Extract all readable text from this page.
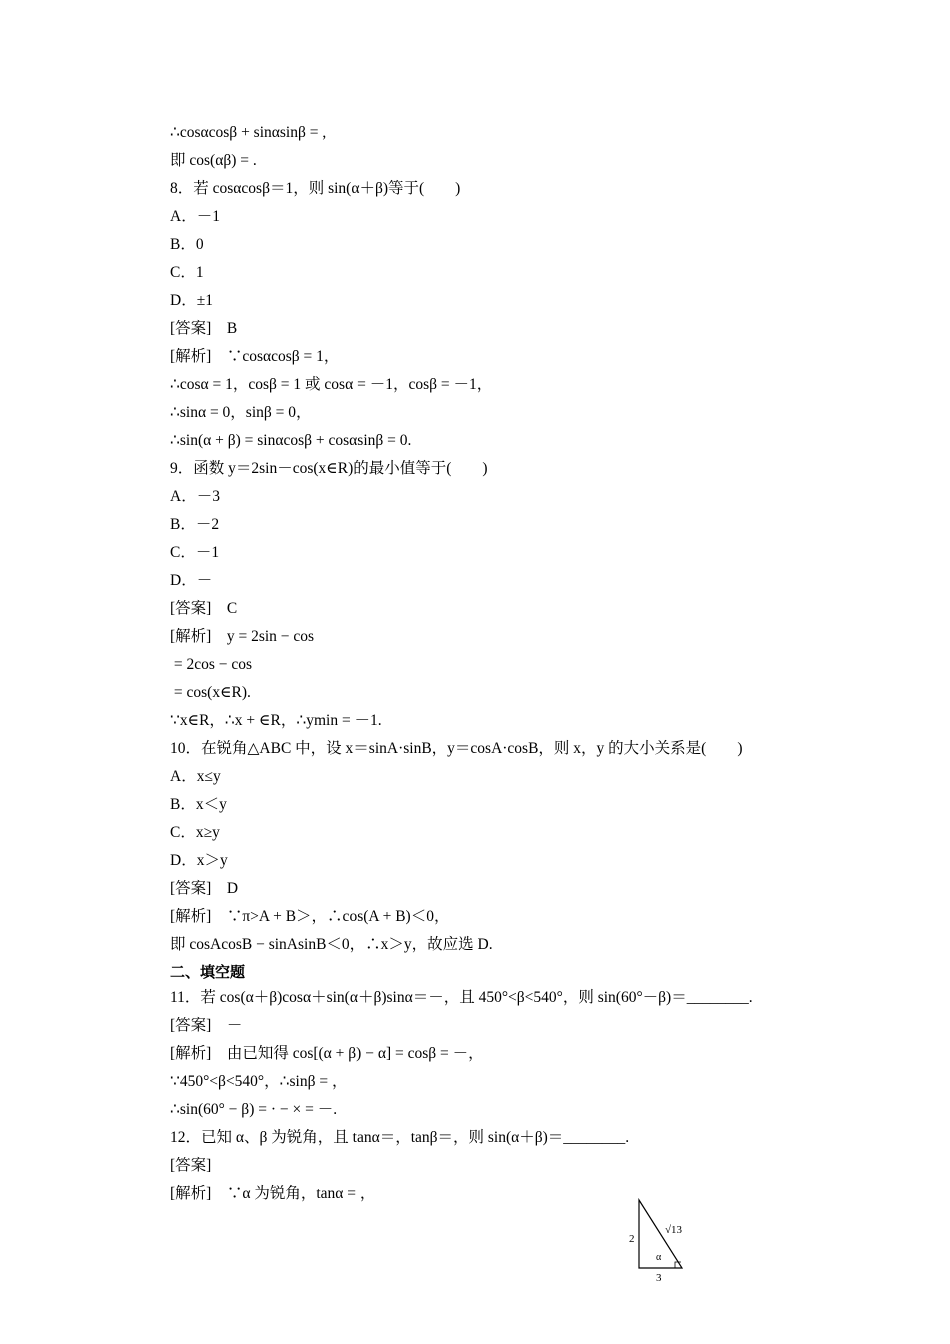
∴cosαcosβ + sinαsinβ = ,
即 cos(αβ) = .
8．若 cosαcosβ＝1，则 sin(α＋β)等于(　　)
A．－1
B．0
C．1
D．±1
[答案]　B
[解析]　∵cosαcosβ = 1，
∴cosα = 1，cosβ = 1 或 cosα = －1，cosβ = －1，
∴sinα = 0，sinβ = 0，
∴sin(α + β) = sinαcosβ + cosαsinβ = 0.
9．函数 y＝2sin－cos(x∈R)的最小值等于(　　)
A．－3
B．－2
C．－1
D．－
[答案]　C
[解析]　y = 2sin − cos
= 2cos − cos
= cos(x∈R).
∵x∈R，∴x + ∈R，∴ymin = －1.
10．在锐角△ABC 中，设 x＝sinA·sinB，y＝cosA·cosB，则 x，y 的大小关系是(　　)
A．x≤y
B．x＜y
C．x≥y
D．x＞y
[答案]　D
[解析]　∵π>A + B＞，∴cos(A + B)＜0，
即 cosAcosB − sinAsinB＜0，∴x＞y，故应选 D.
二、填空题
11．若 cos(α＋β)cosα＋sin(α＋β)sinα＝－，且 450°<β<540°，则 sin(60°－β)＝________.
[答案]　－
[解析]　由已知得 cos[(α + β) − α] = cosβ = －，
∵450°<β<540°，∴sinβ = ，
∴sin(60° − β) = · − × = －.
12．已知 α、β 为锐角，且 tanα＝，tanβ＝，则 sin(α＋β)＝________.
[答案]
[解析]　∵α 为锐角，tanα = ，
2
3
√13
α
